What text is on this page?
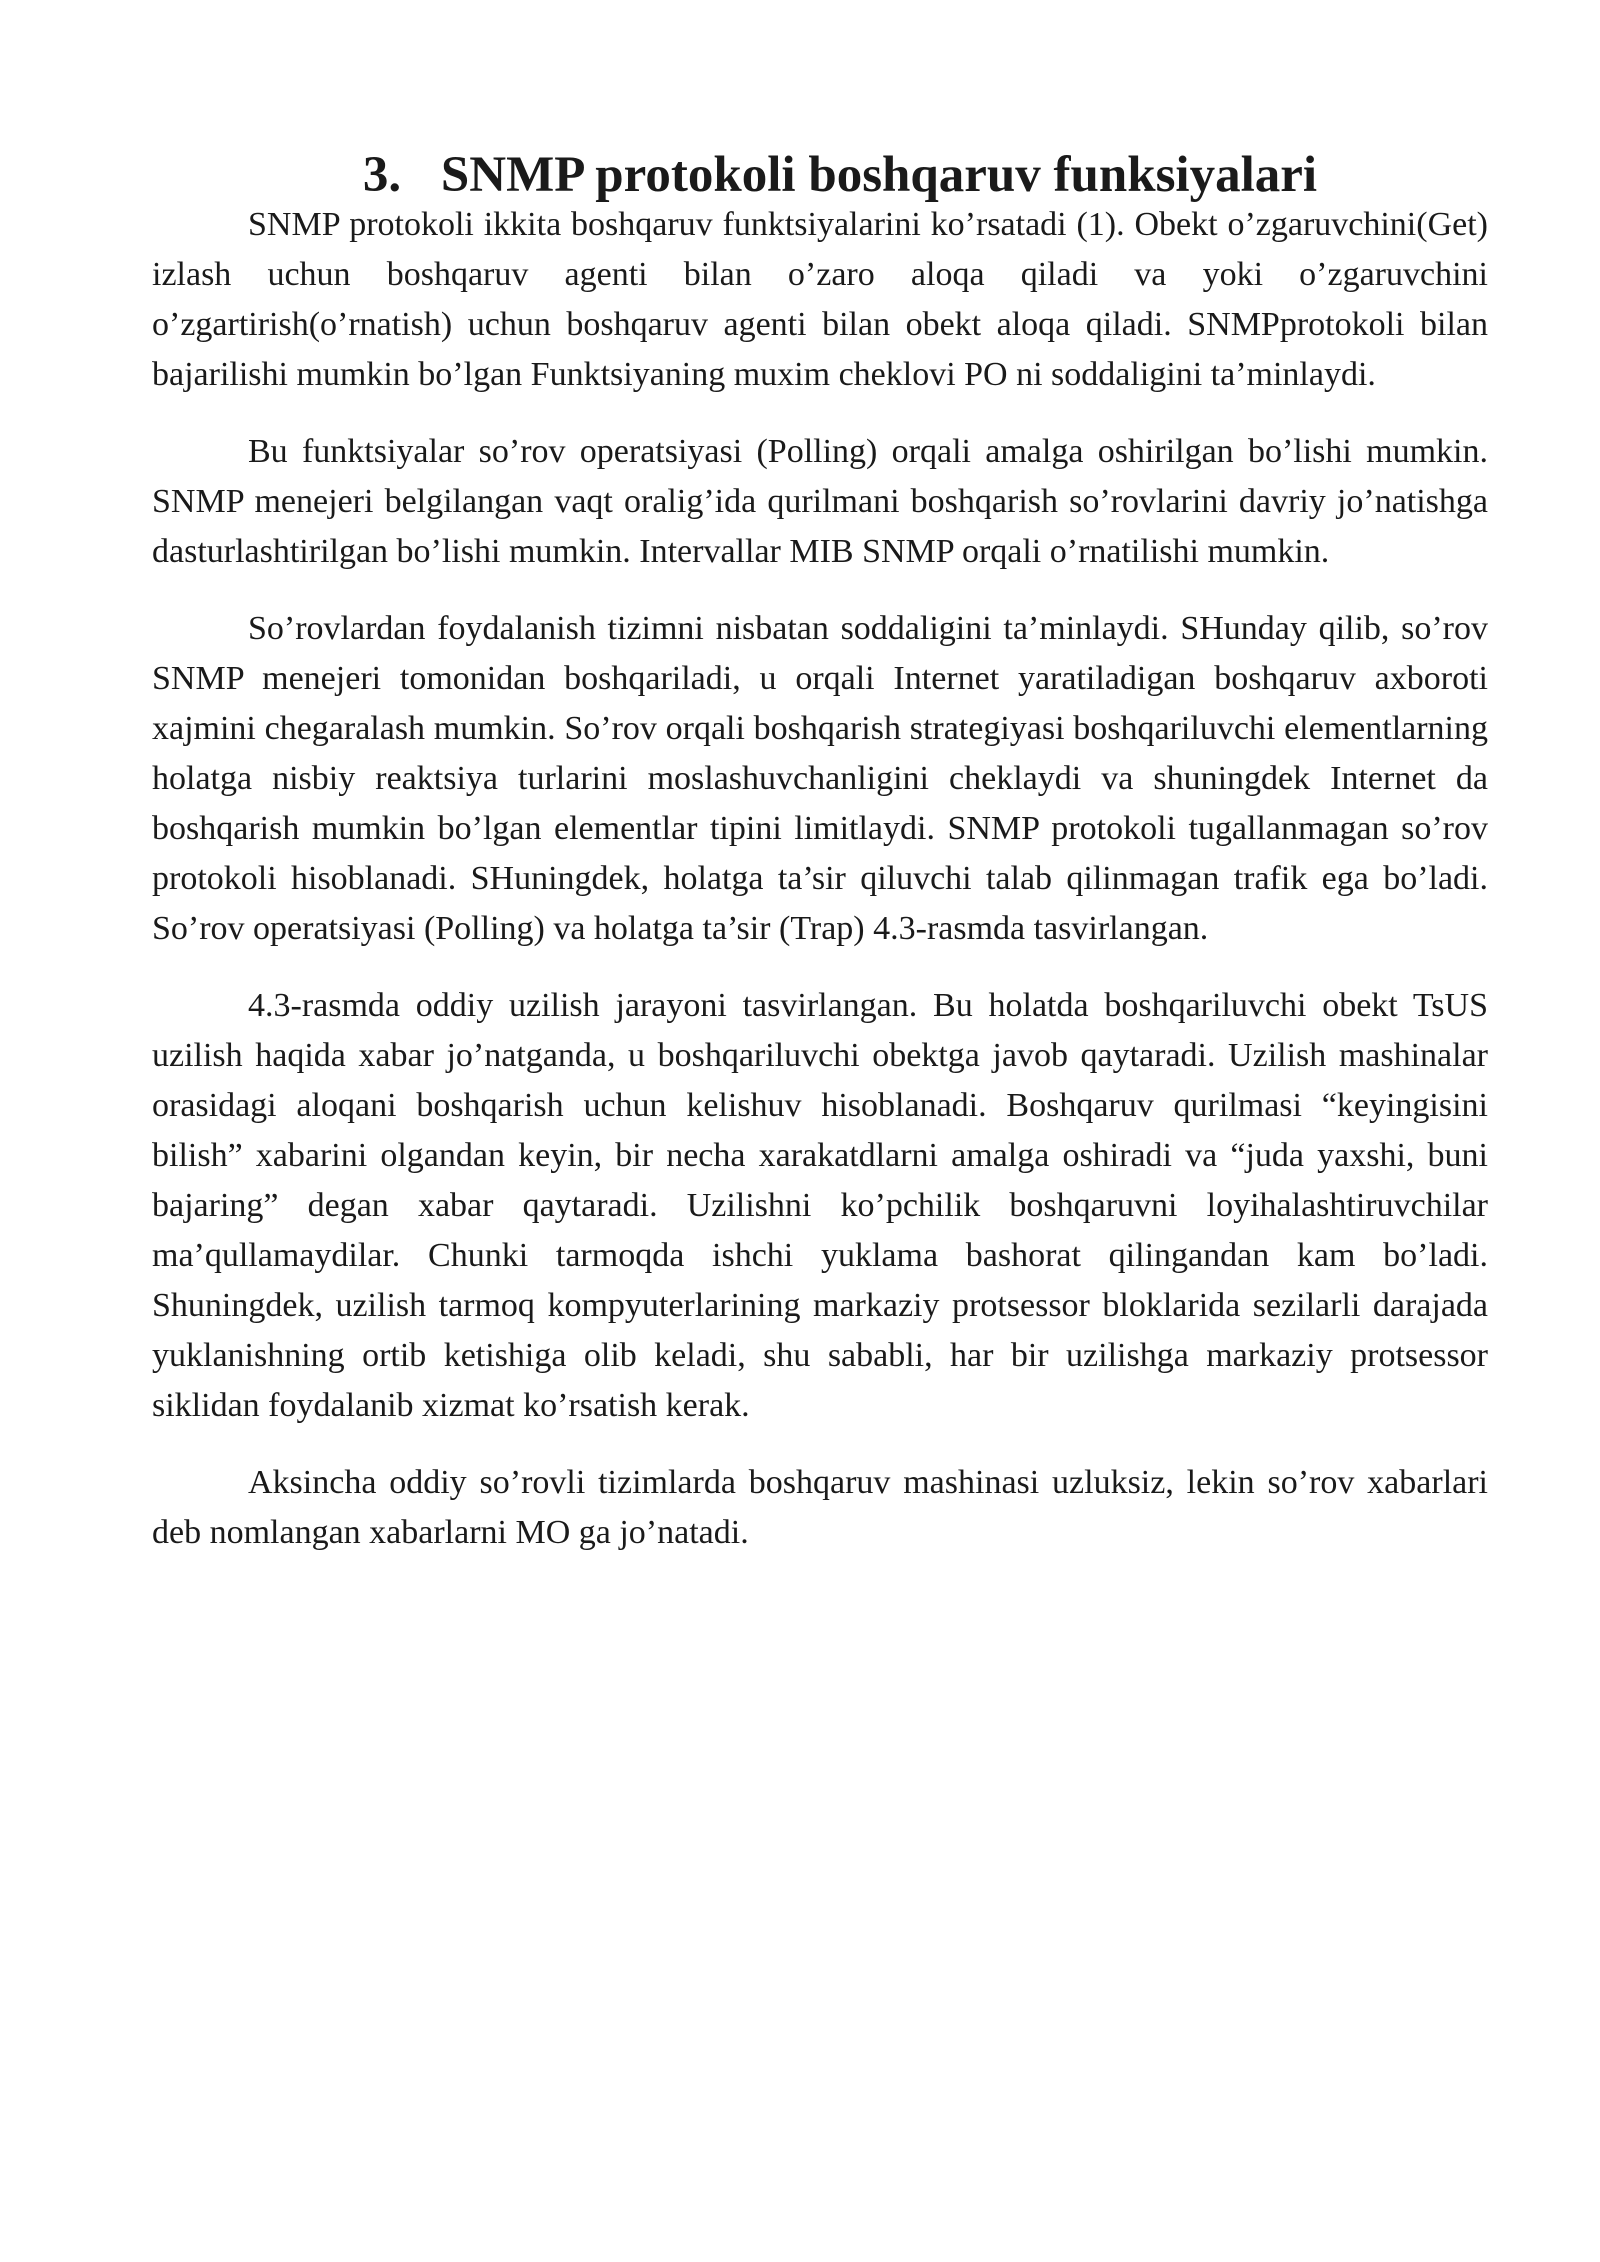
3. SNMP protokoli boshqaruv funksiyalari

SNMP protokoli ikkita boshqaruv funktsiyalarini ko’rsatadi (1). Obekt o’zgaruvchini(Get) izlash uchun boshqaruv agenti bilan o’zaro aloqa qiladi va yoki o’zgaruvchini o’zgartirish(o’rnatish) uchun boshqaruv agenti bilan obekt aloqa qiladi. SNMPprotokoli bilan bajarilishi mumkin bo’lgan Funktsiyaning muxim cheklovi PO ni soddaligini ta’minlaydi.

Bu funktsiyalar so’rov operatsiyasi (Polling) orqali amalga oshirilgan bo’lishi mumkin. SNMP menejeri belgilangan vaqt oralig’ida qurilmani boshqarish so’rovlarini davriy jo’natishga dasturlashtirilgan bo’lishi mumkin. Intervallar MIB SNMP orqali o’rnatilishi mumkin.

So’rovlardan foydalanish tizimni nisbatan soddaligini ta’minlaydi. SHunday qilib, so’rov SNMP menejeri tomonidan boshqariladi, u orqali Internet yaratiladigan boshqaruv axboroti xajmini chegaralash mumkin. So’rov orqali boshqarish strategiyasi boshqariluvchi elementlarning holatga nisbiy reaktsiya turlarini moslashuvchanligini cheklaydi va shuningdek Internet da boshqarish mumkin bo’lgan elementlar tipini limitlaydi. SNMP protokoli tugallanmagan so’rov protokoli hisoblanadi. SHuningdek, holatga ta’sir qiluvchi talab qilinmagan trafik ega bo’ladi. So’rov operatsiyasi (Polling) va holatga ta’sir (Trap) 4.3-rasmda tasvirlangan.

4.3-rasmda oddiy uzilish jarayoni tasvirlangan. Bu holatda boshqariluvchi obekt TsUS uzilish haqida xabar jo’natganda, u boshqariluvchi obektga javob qaytaradi. Uzilish mashinalar orasidagi aloqani boshqarish uchun kelishuv hisoblanadi. Boshqaruv qurilmasi “keyingisini bilish” xabarini olgandan keyin, bir necha xarakatdlarni amalga oshiradi va “juda yaxshi, buni bajaring” degan xabar qaytaradi. Uzilishni ko’pchilik boshqaruvni loyihalashtiruvchilar ma’qullamaydilar. Chunki tarmoqda ishchi yuklama bashorat qilingandan kam bo’ladi. Shuningdek, uzilish tarmoq kompyuterlarining markaziy protsessor bloklarida sezilarli darajada yuklanishning ortib ketishiga olib keladi, shu sababli, har bir uzilishga markaziy protsessor siklidan foydalanib xizmat ko’rsatish kerak.

Aksincha oddiy so’rovli tizimlarda boshqaruv mashinasi uzluksiz, lekin so’rov xabarlari deb nomlangan xabarlarni MO ga jo’natadi.
